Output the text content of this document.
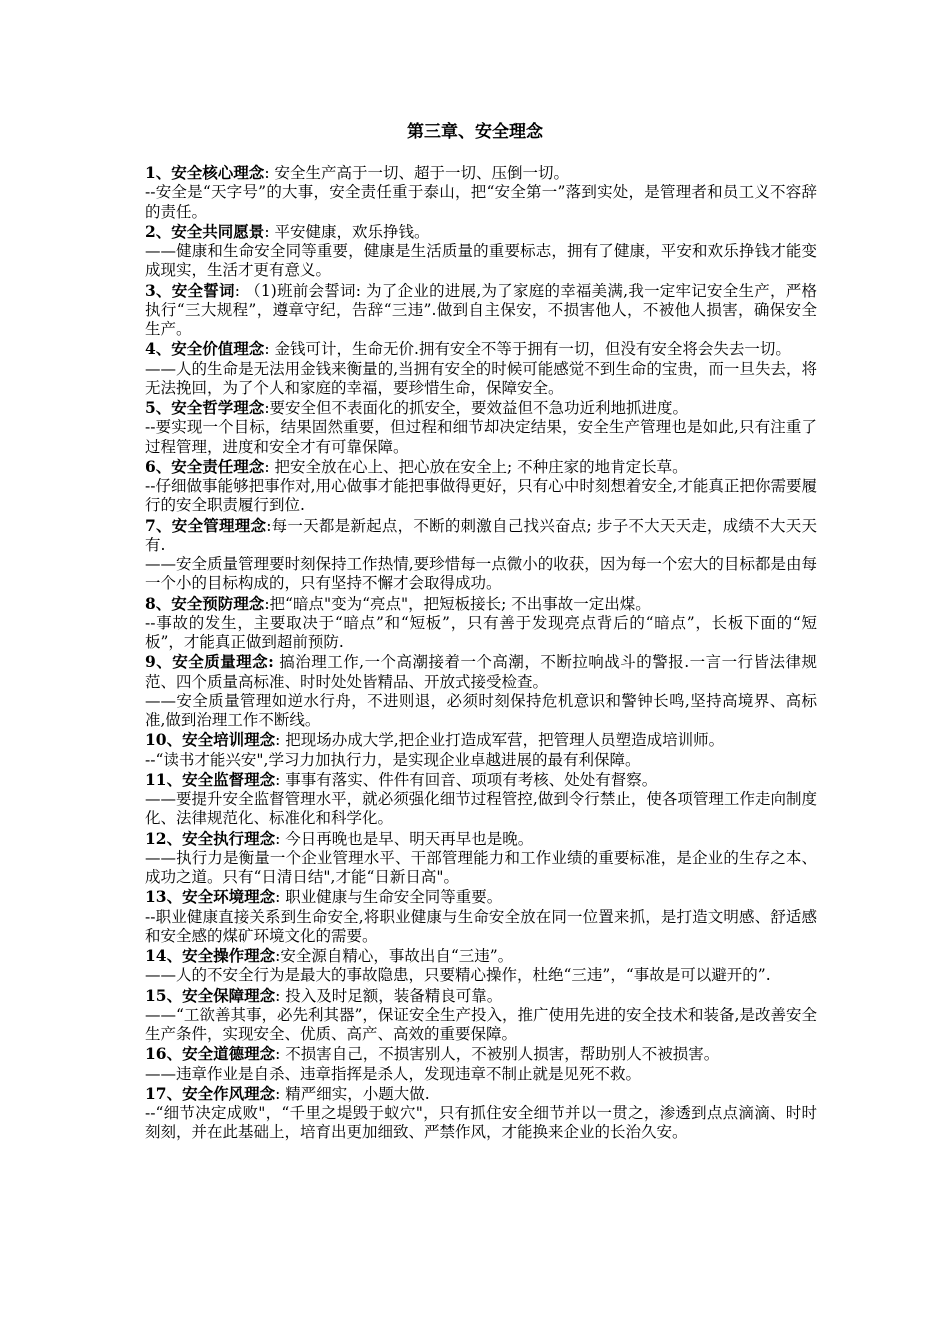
第三章、安全理念

1、安全核心理念: 安全生产高于一切、超于一切、压倒一切。

--安全是“天字号”的大事，安全责任重于泰山，把“安全第一”落到实处，是管理者和员工义不容辞的责任。

2、安全共同愿景: 平安健康，欢乐挣钱。

——健康和生命安全同等重要，健康是生活质量的重要标志，拥有了健康，平安和欢乐挣钱才能变成现实，生活才更有意义。

3、安全誓词: （1)班前会誓词: 为了企业的进展,为了家庭的幸福美满,我一定牢记安全生产，严格执行“三大规程”，遵章守纪，告辞“三违”.做到自主保安，不损害他人，不被他人损害，确保安全生产。

4、安全价值理念: 金钱可计，生命无价.拥有安全不等于拥有一切，但没有安全将会失去一切。

——人的生命是无法用金钱来衡量的,当拥有安全的时候可能感觉不到生命的宝贵，而一旦失去，将无法挽回，为了个人和家庭的幸福，要珍惜生命，保障安全。

5、安全哲学理念:要安全但不表面化的抓安全，要效益但不急功近利地抓进度。

--要实现一个目标，结果固然重要，但过程和细节却决定结果，安全生产管理也是如此,只有注重了过程管理，进度和安全才有可靠保障。

6、安全责任理念: 把安全放在心上、把心放在安全上; 不种庄家的地肯定长草。

--仔细做事能够把事作对,用心做事才能把事做得更好，只有心中时刻想着安全,才能真正把你需要履行的安全职责履行到位.

7、安全管理理念:每一天都是新起点，不断的刺激自己找兴奋点; 步子不大天天走，成绩不大天天有.

——安全质量管理要时刻保持工作热情,要珍惜每一点微小的收获，因为每一个宏大的目标都是由每一个小的目标构成的，只有坚持不懈才会取得成功。

8、安全预防理念:把“暗点"变为“亮点"，把短板接长; 不出事故一定出煤。

--事故的发生，主要取决于“暗点”和“短板”，只有善于发现亮点背后的“暗点”，长板下面的“短板”，才能真正做到超前预防.

9、安全质量理念: 搞治理工作,一个高潮接着一个高潮，不断拉响战斗的警报.一言一行皆法律规范、四个质量高标准、时时处处皆精品、开放式接受检查。

——安全质量管理如逆水行舟，不进则退，必须时刻保持危机意识和警钟长鸣,坚持高境界、高标准,做到治理工作不断线。

10、安全培训理念: 把现场办成大学,把企业打造成军营，把管理人员塑造成培训师。

--“读书才能兴安",学习力加执行力，是实现企业卓越进展的最有利保障。

11、安全监督理念: 事事有落实、件件有回音、项项有考核、处处有督察。

——要提升安全监督管理水平，就必须强化细节过程管控,做到令行禁止，使各项管理工作走向制度化、法律规范化、标准化和科学化。

12、安全执行理念: 今日再晚也是早、明天再早也是晚。

——执行力是衡量一个企业管理水平、干部管理能力和工作业绩的重要标准，是企业的生存之本、成功之道。只有“日清日结",才能“日新日高"。

13、安全环境理念: 职业健康与生命安全同等重要。

--职业健康直接关系到生命安全,将职业健康与生命安全放在同一位置来抓，是打造文明感、舒适感和安全感的煤矿环境文化的需要。

14、安全操作理念:安全源自精心，事故出自“三违”。

——人的不安全行为是最大的事故隐患，只要精心操作，杜绝“三违”，“事故是可以避开的”.

15、安全保障理念: 投入及时足额，装备精良可靠。

——“工欲善其事，必先利其器”，保证安全生产投入，推广使用先进的安全技术和装备,是改善安全生产条件，实现安全、优质、高产、高效的重要保障。

16、安全道德理念: 不损害自己，不损害别人，不被别人损害，帮助别人不被损害。

——违章作业是自杀、违章指挥是杀人，发现违章不制止就是见死不救。

17、安全作风理念: 精严细实，小题大做.

--“细节决定成败"，“千里之堤毁于蚁穴"，只有抓住安全细节并以一贯之，渗透到点点滴滴、时时刻刻，并在此基础上，培育出更加细致、严禁作风，才能换来企业的长治久安。
